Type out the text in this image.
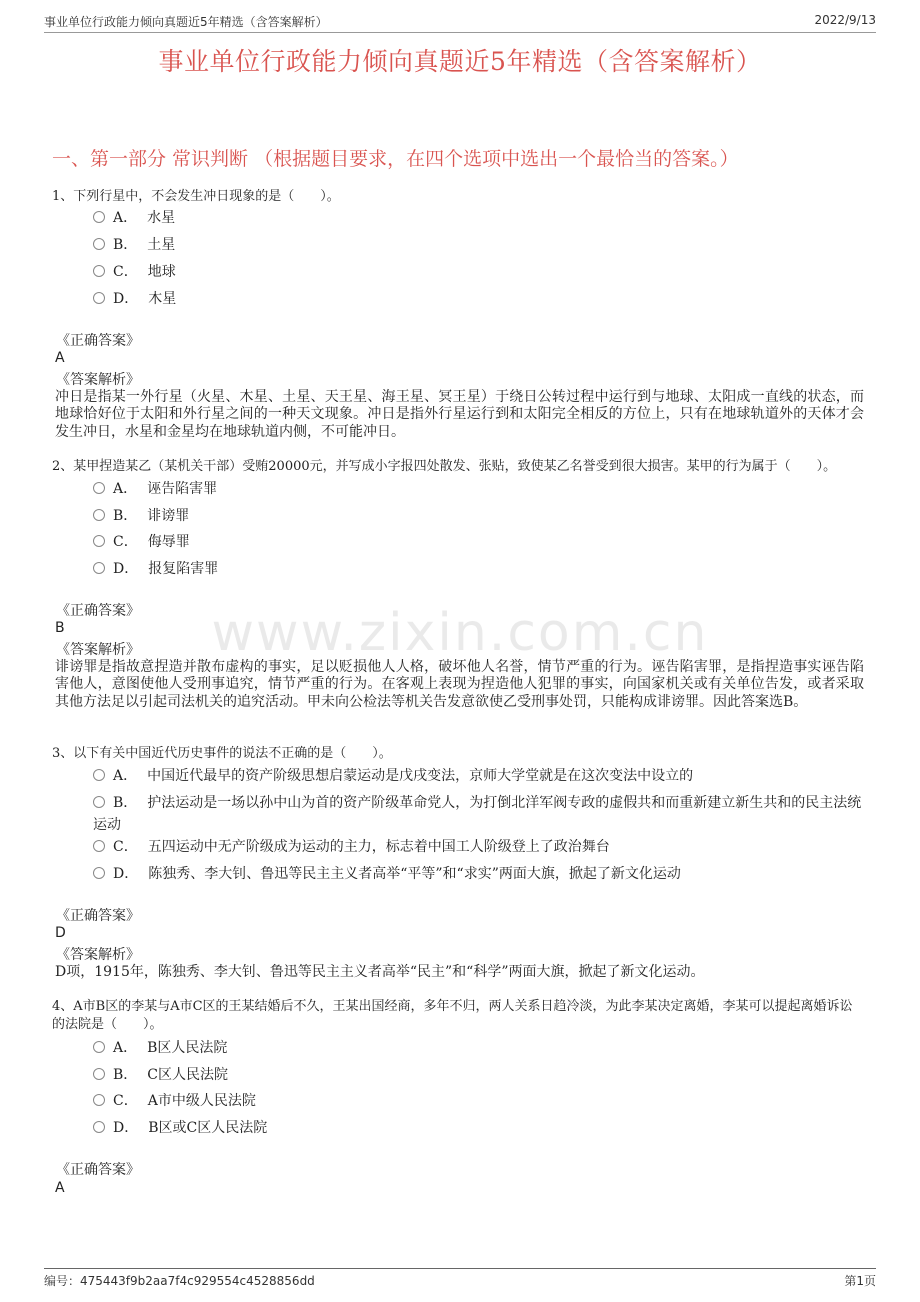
事业单位行政能力倾向真题近5年精选（含答案解析）	2022/9/13
事业单位行政能力倾向真题近5年精选（含答案解析）
一、第一部分 常识判断 （根据题目要求，在四个选项中选出一个最恰当的答案。）
www.zixin.com.cn
1、下列行星中，不会发生冲日现象的是（　　）。
A． 水星
B． 土星
C． 地球
D． 木星
《正确答案》
A
《答案解析》
冲日是指某一外行星（火星、木星、土星、天王星、海王星、冥王星）于绕日公转过程中运行到与地球、太阳成一直线的状态，而地球恰好位于太阳和外行星之间的一种天文现象。冲日是指外行星运行到和太阳完全相反的方位上，只有在地球轨道外的天体才会发生冲日，水星和金星均在地球轨道内侧，不可能冲日。
2、某甲捏造某乙（某机关干部）受贿20000元，并写成小字报四处散发、张贴，致使某乙名誉受到很大损害。某甲的行为属于（　　）。
A． 诬告陷害罪
B． 诽谤罪
C． 侮辱罪
D． 报复陷害罪
《正确答案》
B
《答案解析》
诽谤罪是指故意捏造并散布虚构的事实，足以贬损他人人格，破坏他人名誉，情节严重的行为。诬告陷害罪，是指捏造事实诬告陷害他人，意图使他人受刑事追究，情节严重的行为。在客观上表现为捏造他人犯罪的事实，向国家机关或有关单位告发，或者采取其他方法足以引起司法机关的追究活动。甲未向公检法等机关告发意欲使乙受刑事处罚，只能构成诽谤罪。因此答案选B。
3、以下有关中国近代历史事件的说法不正确的是（　　）。
A． 中国近代最早的资产阶级思想启蒙运动是戊戌变法，京师大学堂就是在这次变法中设立的
B． 护法运动是一场以孙中山为首的资产阶级革命党人，为打倒北洋军阀专政的虚假共和而重新建立新生共和的民主法统运动
C． 五四运动中无产阶级成为运动的主力，标志着中国工人阶级登上了政治舞台
D． 陈独秀、李大钊、鲁迅等民主主义者高举“平等”和“求实”两面大旗，掀起了新文化运动
《正确答案》
D
《答案解析》
D项，1915年，陈独秀、李大钊、鲁迅等民主主义者高举“民主”和“科学”两面大旗，掀起了新文化运动。
4、A市B区的李某与A市C区的王某结婚后不久，王某出国经商，多年不归，两人关系日趋冷淡，为此李某决定离婚，李某可以提起离婚诉讼的法院是（　　）。
A． B区人民法院
B． C区人民法院
C． A市中级人民法院
D． B区或C区人民法院
《正确答案》
A
编号：475443f9b2aa7f4c929554c4528856dd	第1页
